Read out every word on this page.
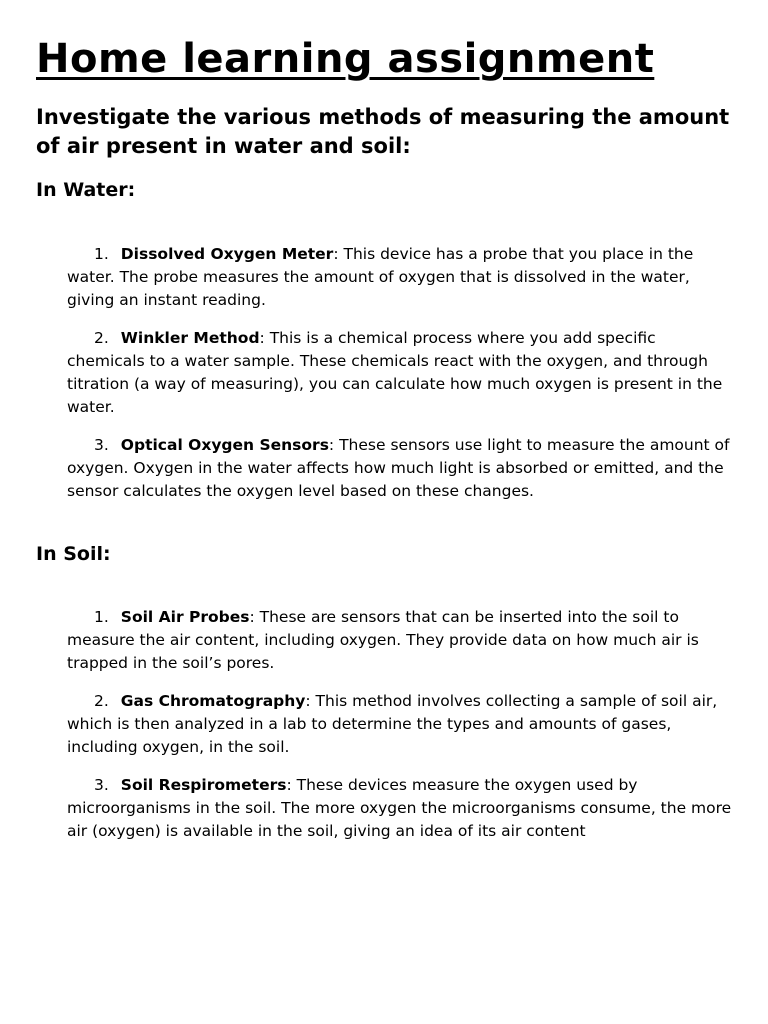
Home learning assignment
Investigate the various methods of measuring the amount of air present in water and soil:
In Water:
1. Dissolved Oxygen Meter: This device has a probe that you place in the water. The probe measures the amount of oxygen that is dissolved in the water, giving an instant reading.
2. Winkler Method: This is a chemical process where you add specific chemicals to a water sample. These chemicals react with the oxygen, and through titration (a way of measuring), you can calculate how much oxygen is present in the water.
3. Optical Oxygen Sensors: These sensors use light to measure the amount of oxygen. Oxygen in the water affects how much light is absorbed or emitted, and the sensor calculates the oxygen level based on these changes.
In Soil:
1. Soil Air Probes: These are sensors that can be inserted into the soil to measure the air content, including oxygen. They provide data on how much air is trapped in the soil’s pores.
2. Gas Chromatography: This method involves collecting a sample of soil air, which is then analyzed in a lab to determine the types and amounts of gases, including oxygen, in the soil.
3. Soil Respirometers: These devices measure the oxygen used by microorganisms in the soil. The more oxygen the microorganisms consume, the more air (oxygen) is available in the soil, giving an idea of its air content
